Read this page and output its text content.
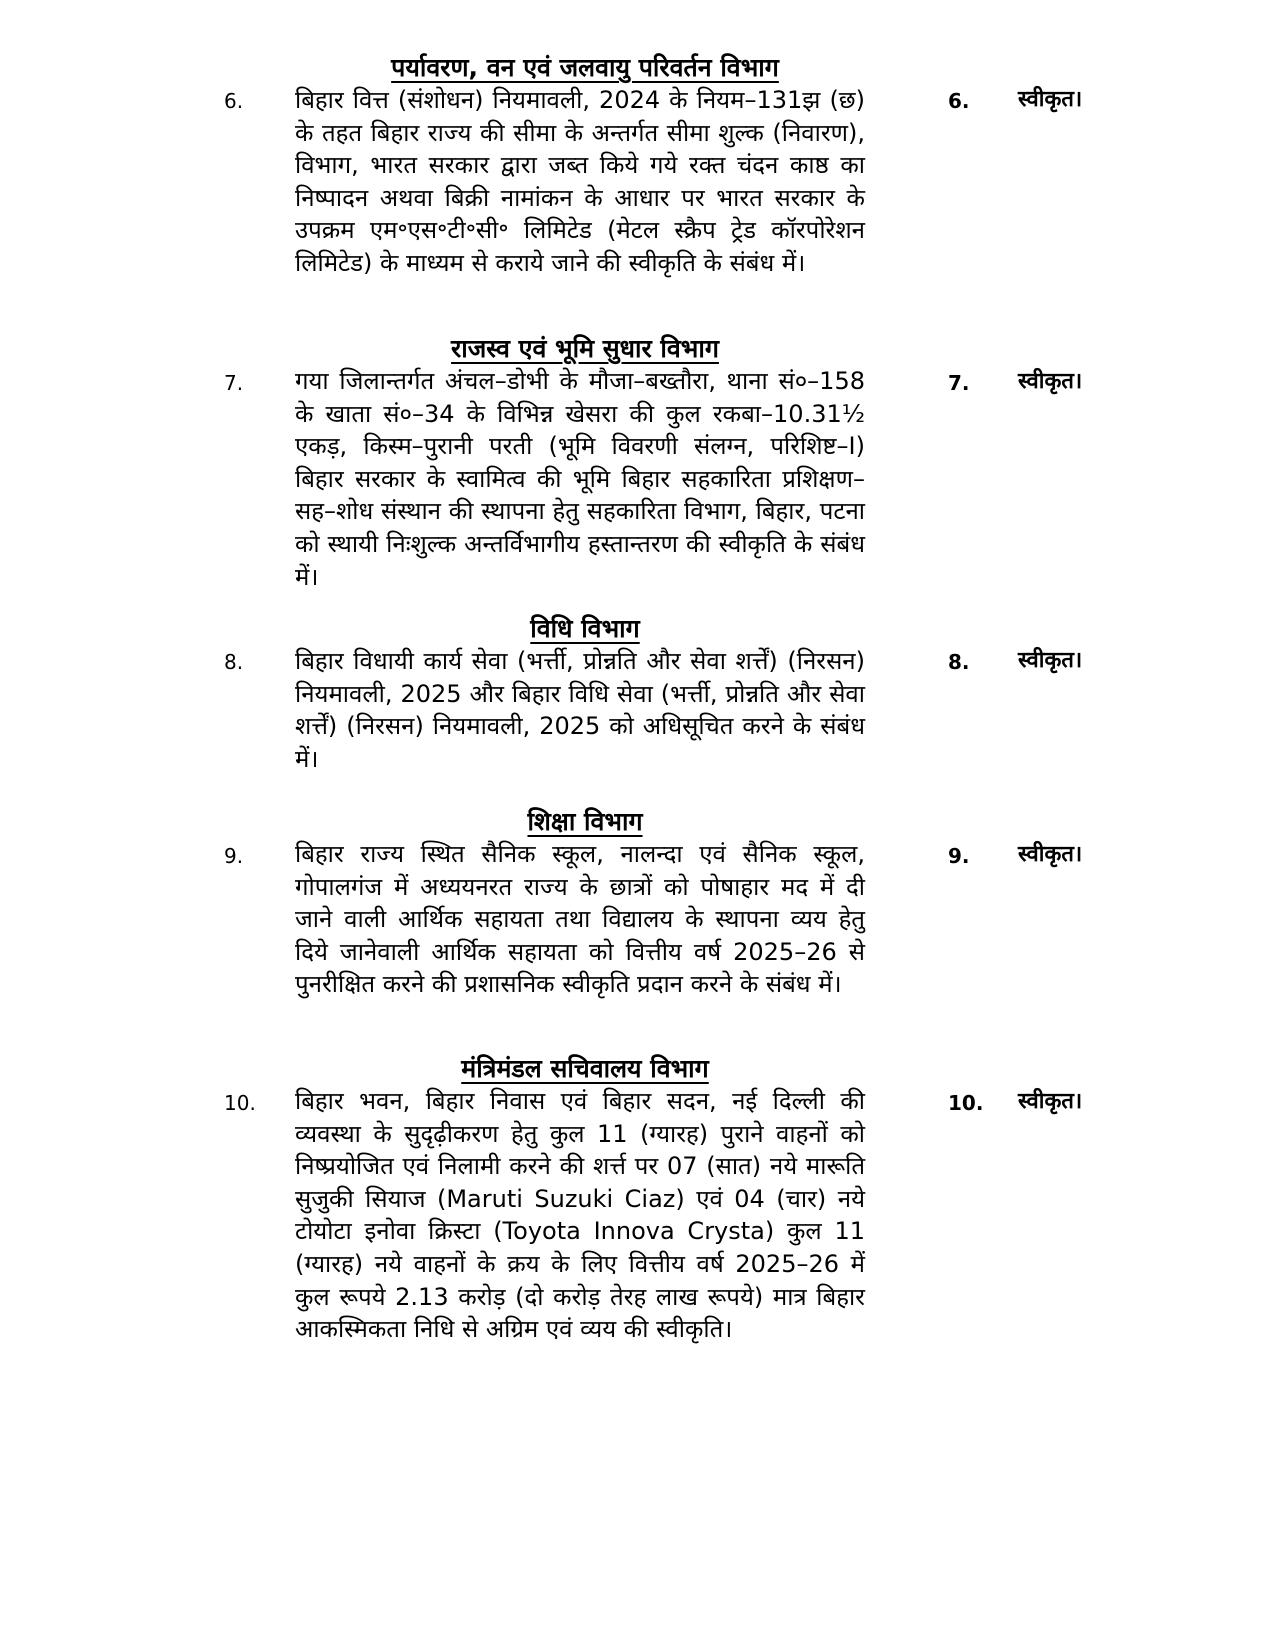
पर्यावरण, वन एवं जलवायु परिवर्तन विभाग
6. बिहार वित्त (संशोधन) नियमावली, 2024 के नियम–131झ (छ) के तहत बिहार राज्य की सीमा के अन्तर्गत सीमा शुल्क (निवारण), विभाग, भारत सरकार द्वारा जब्त किये गये रक्त चंदन काष्ठ का निष्पादन अथवा बिक्री नामांकन के आधार पर भारत सरकार के उपक्रम एम॰एस॰टी॰सी॰ लिमिटेड (मेटल स्क्रैप ट्रेड कॉरपोरेशन लिमिटेड) के माध्यम से कराये जाने की स्वीकृति के संबंध में।
6. स्वीकृत।
राजस्व एवं भूमि सुधार विभाग
7. गया जिलान्तर्गत अंचल–डोभी के मौजा–बख्तौरा, थाना सं०–158 के खाता सं०–34 के विभिन्न खेसरा की कुल रकबा–10.31½ एकड़, किस्म–पुरानी परती (भूमि विवरणी संलग्न, परिशिष्ट–I) बिहार सरकार के स्वामित्व की भूमि बिहार सहकारिता प्रशिक्षण–सह–शोध संस्थान की स्थापना हेतु सहकारिता विभाग, बिहार, पटना को स्थायी निःशुल्क अन्तर्विभागीय हस्तान्तरण की स्वीकृति के संबंध में।
7. स्वीकृत।
विधि विभाग
8. बिहार विधायी कार्य सेवा (भर्त्ती, प्रोन्नति और सेवा शर्त्तें) (निरसन) नियमावली, 2025 और बिहार विधि सेवा (भर्त्ती, प्रोन्नति और सेवा शर्त्तें) (निरसन) नियमावली, 2025 को अधिसूचित करने के संबंध में।
8. स्वीकृत।
शिक्षा विभाग
9. बिहार राज्य स्थित सैनिक स्कूल, नालन्दा एवं सैनिक स्कूल, गोपालगंज में अध्ययनरत राज्य के छात्रों को पोषाहार मद में दी जाने वाली आर्थिक सहायता तथा विद्यालय के स्थापना व्यय हेतु दिये जानेवाली आर्थिक सहायता को वित्तीय वर्ष 2025–26 से पुनरीक्षित करने की प्रशासनिक स्वीकृति प्रदान करने के संबंध में।
9. स्वीकृत।
मंत्रिमंडल सचिवालय विभाग
10. बिहार भवन, बिहार निवास एवं बिहार सदन, नई दिल्ली की व्यवस्था के सुदृढ़ीकरण हेतु कुल 11 (ग्यारह) पुराने वाहनों को निष्प्रयोजित एवं निलामी करने की शर्त्त पर 07 (सात) नये मारूति सुजुकी सियाज (Maruti Suzuki Ciaz) एवं 04 (चार) नये टोयोटा इनोवा क्रिस्टा (Toyota Innova Crysta) कुल 11 (ग्यारह) नये वाहनों के क्रय के लिए वित्तीय वर्ष 2025–26 में कुल रूपये 2.13 करोड़ (दो करोड़ तेरह लाख रूपये) मात्र बिहार आकस्मिकता निधि से अग्रिम एवं व्यय की स्वीकृति।
10. स्वीकृत।
